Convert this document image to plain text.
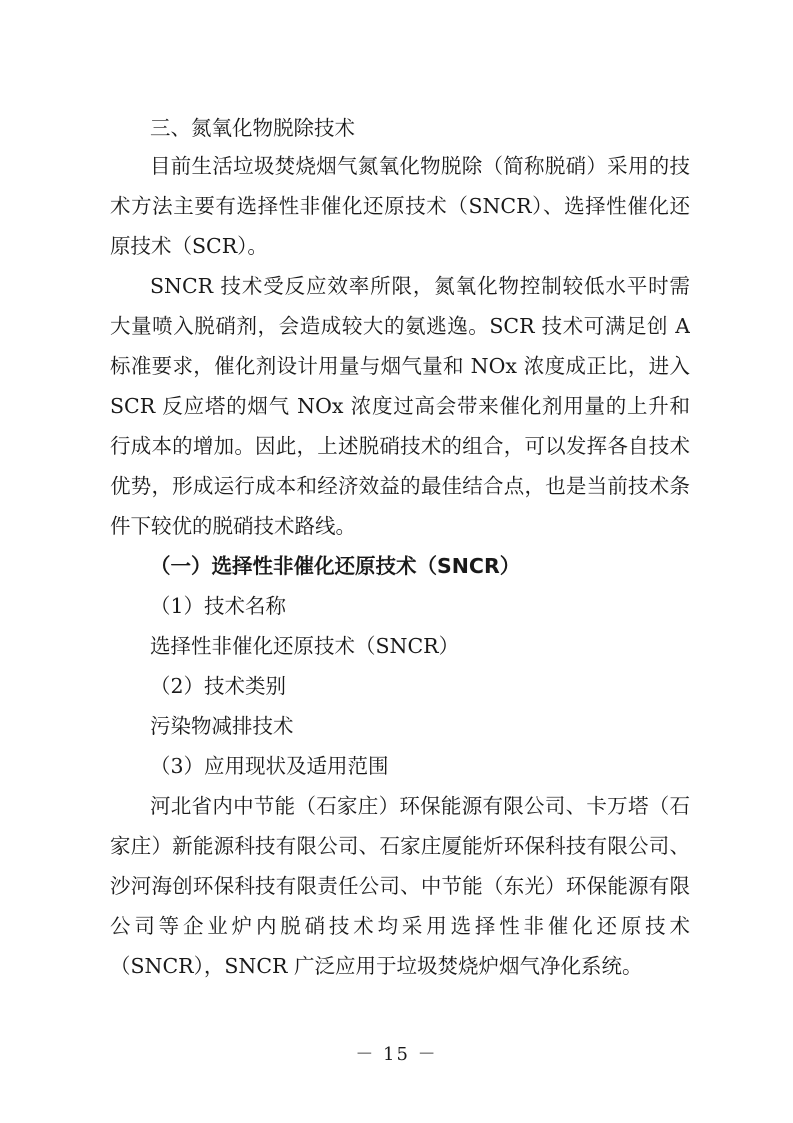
三、氮氧化物脱除技术
目前生活垃圾焚烧烟气氮氧化物脱除（简称脱硝）采用的技
术方法主要有选择性非催化还原技术（SNCR）、选择性催化还
原技术（SCR）。
SNCR 技术受反应效率所限，氮氧化物控制较低水平时需
大量喷入脱硝剂，会造成较大的氨逃逸。SCR 技术可满足创 A
标准要求，催化剂设计用量与烟气量和 NOx 浓度成正比，进入
SCR 反应塔的烟气 NOx 浓度过高会带来催化剂用量的上升和
行成本的增加。因此，上述脱硝技术的组合，可以发挥各自技术
优势，形成运行成本和经济效益的最佳结合点，也是当前技术条
件下较优的脱硝技术路线。
（一）选择性非催化还原技术（SNCR）
（1）技术名称
选择性非催化还原技术（SNCR）
（2）技术类别
污染物减排技术
（3）应用现状及适用范围
河北省内中节能（石家庄）环保能源有限公司、卡万塔（石
家庄）新能源科技有限公司、石家庄厦能炘环保科技有限公司、
沙河海创环保科技有限责任公司、中节能（东光）环保能源有限
公司等企业炉内脱硝技术均采用选择性非催化还原技术
（SNCR），SNCR 广泛应用于垃圾焚烧炉烟气净化系统。
－ 15 －
